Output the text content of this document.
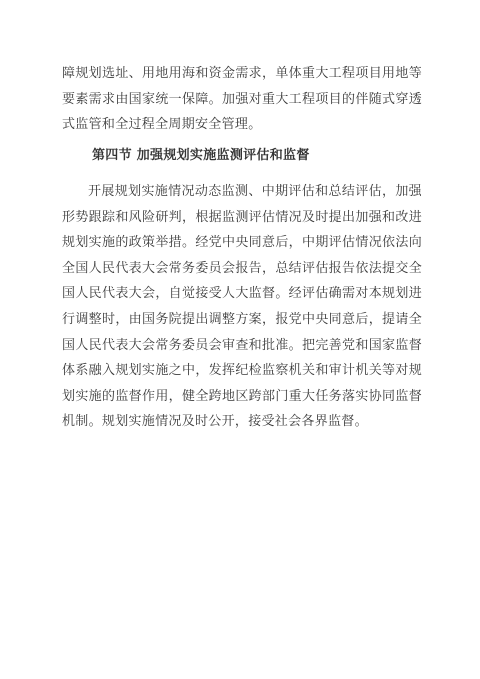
障规划选址、用地用海和资金需求，单体重大工程项目用地等要素需求由国家统一保障。加强对重大工程项目的伴随式穿透式监管和全过程全周期安全管理。

第四节 加强规划实施监测评估和监督

开展规划实施情况动态监测、中期评估和总结评估，加强形势跟踪和风险研判，根据监测评估情况及时提出加强和改进规划实施的政策举措。经党中央同意后，中期评估情况依法向全国人民代表大会常务委员会报告，总结评估报告依法提交全国人民代表大会，自觉接受人大监督。经评估确需对本规划进行调整时，由国务院提出调整方案，报党中央同意后，提请全国人民代表大会常务委员会审查和批准。把完善党和国家监督体系融入规划实施之中，发挥纪检监察机关和审计机关等对规划实施的监督作用，健全跨地区跨部门重大任务落实协同监督机制。规划实施情况及时公开，接受社会各界监督。
